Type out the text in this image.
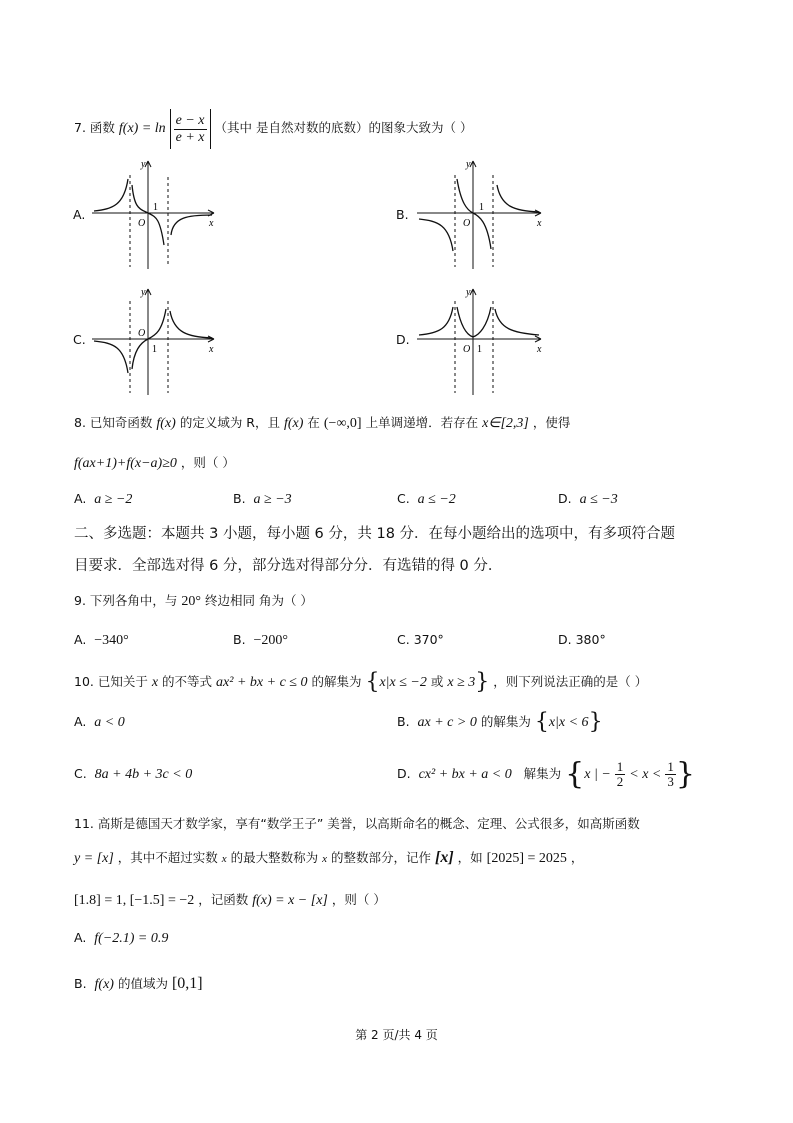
7. 函数 $f(x) = \ln \frac{e - x}{e + x}$ （其中 是自然对数的底数）的图象大致为（ ）
A.	B.
C.	D.
y
x
O
1
y
x
O
1
y
x
O
1
y
x
O 1
8. 已知奇函数 f(x) 的定义域为 R，且 f(x) 在 (−∞,0] 上单调递增．若存在 x∈[2,3] ，使得
f(ax+1)+f(x−a)≥0 ，则（ ）
A. a ≥ −2	B. a ≥ −3	C. a ≤ −2	D. a ≤ −3
二、多选题：本题共 3 小题，每小题 6 分，共 18 分．在每小题给出的选项中，有多项符合题
目要求．全部选对得 6 分，部分选对得部分分．有选错的得 0 分．
9. 下列各角中，与 20° 终边相同 角为（ ）
A. −340°	B. −200°	C. 370°	D. 380°
10. 已知关于 x 的不等式 ax² + bx + c ≤ 0 的解集为 {x|x ≤ −2 或 x ≥ 3} ，则下列说法正确的是（ ）
A. a < 0	B. ax + c > 0 的解集为 {x|x < 6}
C. 8a + 4b + 3c < 0	D. cx² + bx + a < 0 解集为 {x | − $\frac{1}{2} < x < \frac{1}{3}$ }
11. 高斯是德国天才数学家，享有“数学王子” 美誉，以高斯命名的概念、定理、公式很多，如高斯函数
y = [x] ，其中不超过实数 x 的最大整数称为 x 的整数部分，记作 [x] ，如 [2025] = 2025 ，
[1.8] = 1, [−1.5] = −2 ，记函数 f(x) = x − [x] ，则（ ）
A. f(−2.1) = 0.9
B. f(x) 的值域为 [0,1]
第 2 页/共 4 页
